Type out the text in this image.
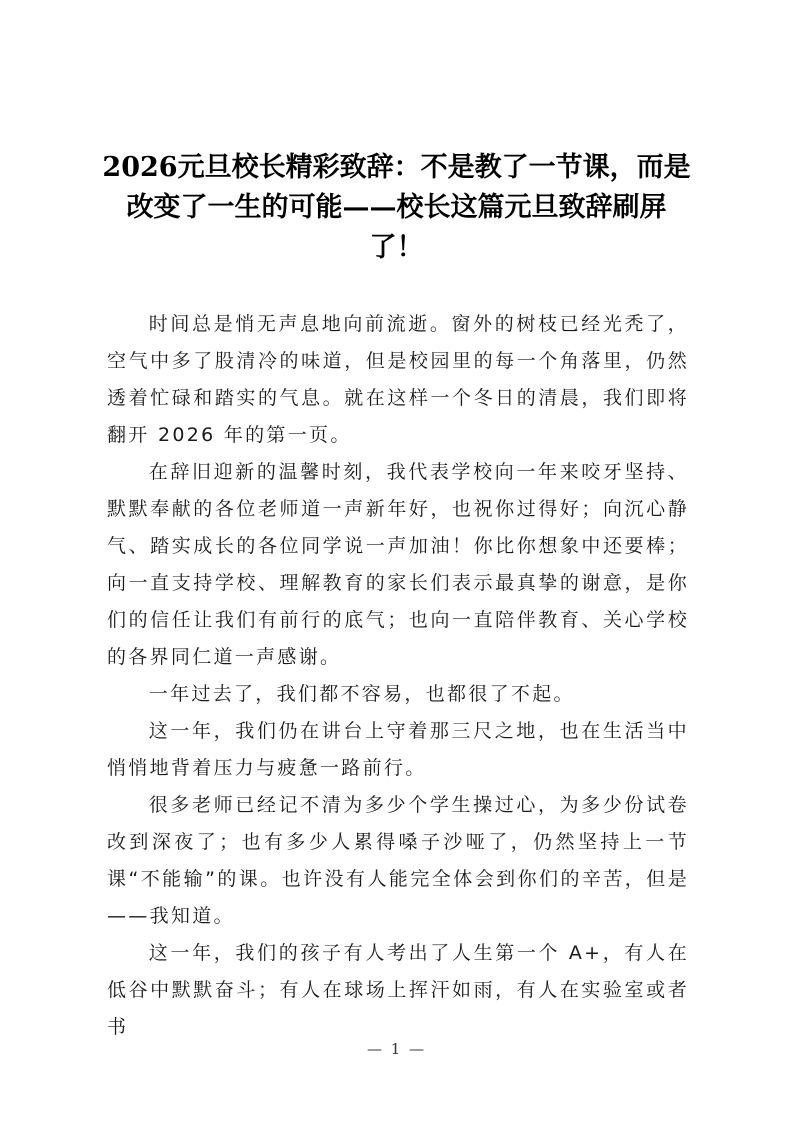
2026元旦校长精彩致辞：不是教了一节课，而是改变了一生的可能——校长这篇元旦致辞刷屏了！

时间总是悄无声息地向前流逝。窗外的树枝已经光秃了，空气中多了股清冷的味道，但是校园里的每一个角落里，仍然透着忙碌和踏实的气息。就在这样一个冬日的清晨，我们即将翻开 2026 年的第一页。

在辞旧迎新的温馨时刻，我代表学校向一年来咬牙坚持、默默奉献的各位老师道一声新年好，也祝你过得好；向沉心静气、踏实成长的各位同学说一声加油！你比你想象中还要棒；向一直支持学校、理解教育的家长们表示最真挚的谢意，是你们的信任让我们有前行的底气；也向一直陪伴教育、关心学校的各界同仁道一声感谢。

一年过去了，我们都不容易，也都很了不起。

这一年，我们仍在讲台上守着那三尺之地，也在生活当中悄悄地背着压力与疲惫一路前行。

很多老师已经记不清为多少个学生操过心，为多少份试卷改到深夜了；也有多少人累得嗓子沙哑了，仍然坚持上一节课“不能输”的课。也许没有人能完全体会到你们的辛苦，但是——我知道。

这一年，我们的孩子有人考出了人生第一个 A+，有人在低谷中默默奋斗；有人在球场上挥汗如雨，有人在实验室或者书

— 1 —
